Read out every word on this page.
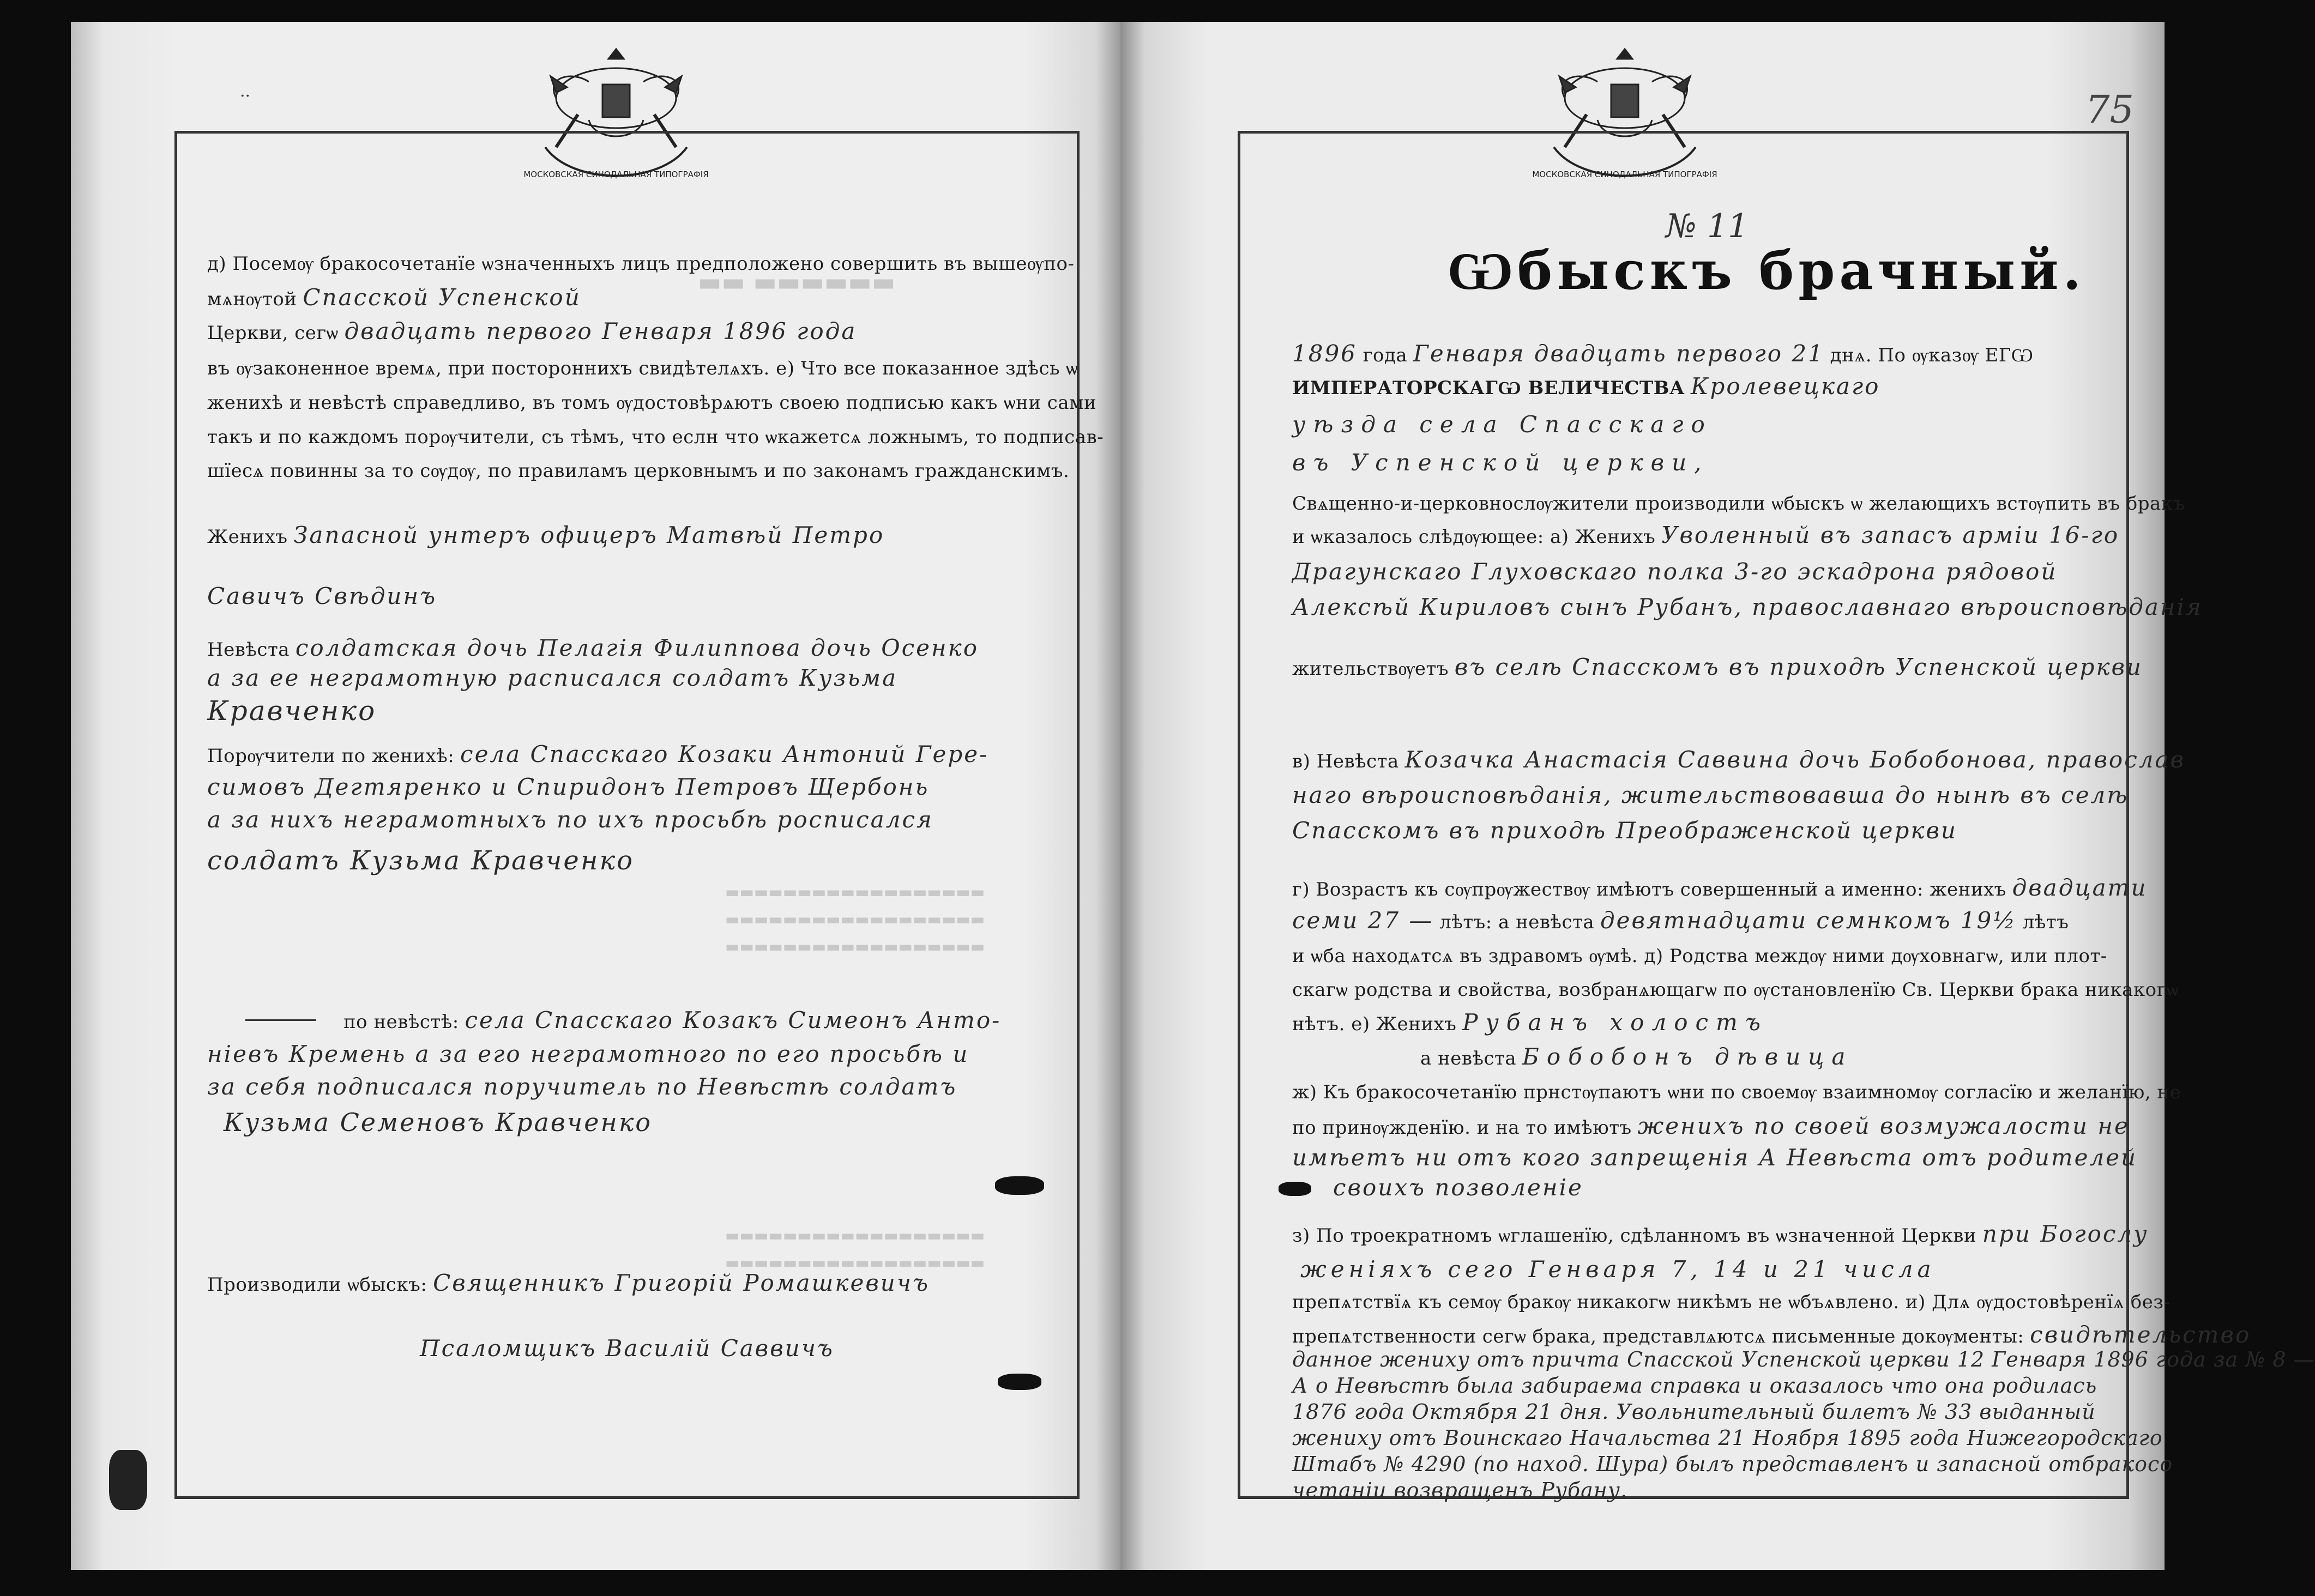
..
МОСКОВСКАЯ СИНОДАЛЬНАЯ ТИПОГРАФІЯ
▬▬ ▬▬▬▬▬▬
▬▬▬▬▬▬▬▬▬▬▬▬▬▬▬▬▬▬
▬▬▬▬▬▬▬▬▬▬▬▬▬▬▬▬▬▬
▬▬▬▬▬▬▬▬▬▬▬▬▬▬▬▬▬▬
▬▬▬▬▬▬▬▬▬▬▬▬▬▬▬▬▬▬
▬▬▬▬▬▬▬▬▬▬▬▬▬▬▬▬▬▬
д) Посемѹ бракосочетанїе ѡзначенныхъ лицъ предположено совершить въ вышеѹпо-
мѧнѹтой Спасской Успенской
Церкви, сегѡ двадцать первого Генваря 1896 года
въ ѹзаконенное времѧ, при постороннихъ свидѣтелѧхъ. е) Что все показанное здѣсь ѡ
женихѣ и невѣстѣ справедливо, въ томъ ѹдостовѣрѧютъ своею подписью какъ ѡни сами
такъ и по каждомъ порѹчители, съ тѣмъ, что еслн что ѡкажетсѧ ложнымъ, то подписав-
шїесѧ повинны за то сѹдѹ, по правиламъ церковнымъ и по законамъ гражданскимъ.
Женихъ Запасной унтеръ офицеръ Матвѣй Петро
Савичъ Свѣдинъ
Невѣста солдатская дочь Пелагія Филиппова дочь Осенко
а за ее неграмотную расписался солдатъ Кузьма
Кравченко
Порѹчители по женихѣ: села Спасскаго Козаки Антоний Гере-
симовъ Дегтяренко и Спиридонъ Петровъ Щербонь
а за нихъ неграмотныхъ по ихъ просьбѣ росписался
солдатъ Кузьма Кравченко
по невѣстѣ: села Спасскаго Козакъ Симеонъ Анто-
ніевъ Кремень а за его неграмотного по его просьбѣ и
за себя подписался поручитель по Невѣстѣ солдатъ
Кузьма Семеновъ Кравченко
Производили ѡбыскъ: Священникъ Григорій Ромашкевичъ
Псаломщикъ Василій Саввичъ
МОСКОВСКАЯ СИНОДАЛЬНАЯ ТИПОГРАФІЯ
75
№ 11
Ѡбыскъ брачный.
1896 года Генваря двадцать первого 21 днѧ. По ѹказѹ ЕГѠ
ИМПЕРАТОРСКАГѠ ВЕЛИЧЕСТВА Кролевецкаго
уѣзда села Спасскаго
въ Успенской церкви,
Свѧщенно-и-церковнослѹжители производили ѡбыскъ ѡ желающихъ встѹпить въ бракъ
и ѡказалось слѣдѹющее: а) Женихъ Уволенный въ запасъ арміи 16-го
Драгунскаго Глуховскаго полка 3-го эскадрона рядовой
Алексѣй Кириловъ сынъ Рубанъ, православнаго вѣроисповѣданія
жительствѹетъ въ селѣ Спасскомъ въ приходѣ Успенской церкви
в) Невѣста Козачка Анастасія Саввина дочь Бобобонова, православ
наго вѣроисповѣданія, жительствовавша до нынѣ въ селѣ
Спасскомъ въ приходѣ Преображенской церкви
г) Возрастъ къ сѹпрѹжествѹ имѣютъ совершенный а именно: женихъ двадцати
семи 27 — лѣтъ: а невѣста девятнадцати семнкомъ 19½ лѣтъ
и ѡба находѧтсѧ въ здравомъ ѹмѣ. д) Родства междѹ ними дѹховнагѡ, или плот-
скагѡ родства и свойства, возбранѧющагѡ по ѹстановленїю Св. Церкви брака никакогѡ
нѣтъ. е) Женихъ Рубанъ холостъ
а невѣста Бобобонъ дѣвица
ж) Къ бракосочетанїю прнстѹпаютъ ѡни по своемѹ взаимномѹ согласїю и желанїю, не
по принѹжденїю. и на то имѣютъ женихъ по своей возмужалости не
имѣетъ ни отъ кого запрещенія А Невѣста отъ родителей
своихъ позволеніе
з) По троекратномъ ѡглашенїю, сдѣланномъ въ ѡзначенной Церкви при Богослу
женіяхъ сего Генваря 7, 14 и 21 числа
препѧтствїѧ къ семѹ бракѹ никакогѡ никѣмъ не ѡбъѧвлено. и) Длѧ ѹдостовѣренїѧ без-
препѧтственности сегѡ брака, представлѧютсѧ письменные докѹменты: свидѣтельство
данное жениху отъ причта Спасской Успенской церкви 12 Генваря 1896 года за № 8 —
А о Невѣстѣ была забираема справка и оказалось что она родилась
1876 года Октября 21 дня. Увольнительный билетъ № 33 выданный
жениху отъ Воинскаго Начальства 21 Ноября 1895 года Нижегородскаго
Штабъ № 4290 (по наход. Шура) былъ представленъ и запасной отбракосо
четаніи возвращенъ Рубану.
